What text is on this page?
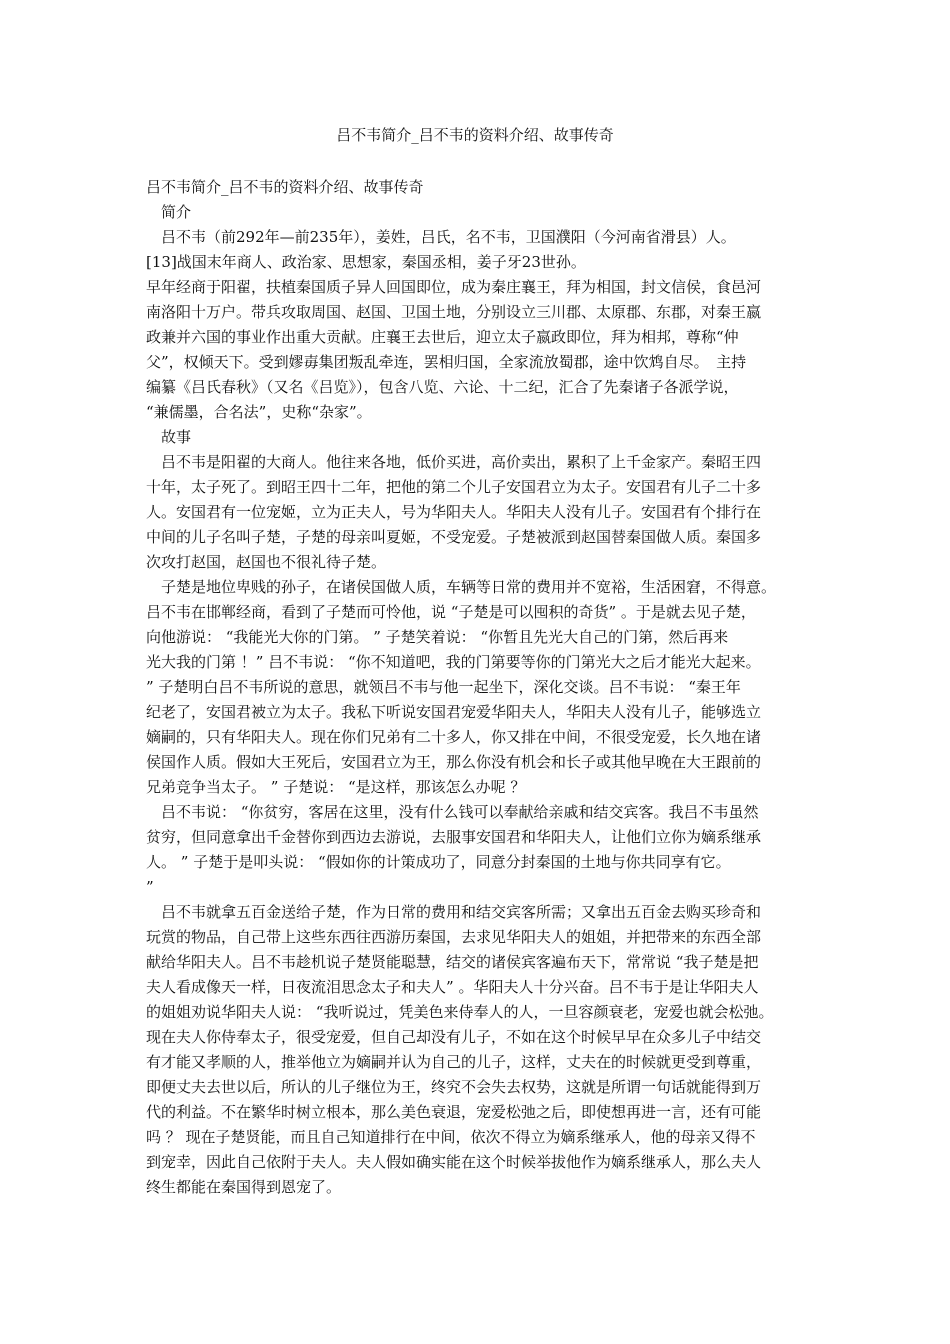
吕不韦简介_吕不韦的资料介绍、故事传奇
吕不韦简介_吕不韦的资料介绍、故事传奇
　简介
　吕不韦（前292年—前235年），姜姓，吕氏，名不韦，卫国濮阳（今河南省滑县）人。
[13]战国末年商人、政治家、思想家，秦国丞相，姜子牙23世孙。
早年经商于阳翟，扶植秦国质子异人回国即位，成为秦庄襄王，拜为相国，封文信侯，食邑河
南洛阳十万户。带兵攻取周国、赵国、卫国土地，分别设立三川郡、太原郡、东郡，对秦王嬴
政兼并六国的事业作出重大贡献。庄襄王去世后，迎立太子嬴政即位，拜为相邦，尊称“仲
父”，权倾天下。受到嫪毐集团叛乱牵连，罢相归国，全家流放蜀郡，途中饮鸩自尽。　主持
编纂《吕氏春秋》（又名《吕览》），包含八览、六论、十二纪，汇合了先秦诸子各派学说，
“兼儒墨，合名法”，史称“杂家”。
　故事
　吕不韦是阳翟的大商人。他往来各地，低价买进，高价卖出，累积了上千金家产。秦昭王四
十年，太子死了。到昭王四十二年，把他的第二个儿子安国君立为太子。安国君有儿子二十多
人。安国君有一位宠姬，立为正夫人，号为华阳夫人。华阳夫人没有儿子。安国君有个排行在
中间的儿子名叫子楚，子楚的母亲叫夏姬，不受宠爱。子楚被派到赵国替秦国做人质。秦国多
次攻打赵国，赵国也不很礼待子楚。
　子楚是地位卑贱的孙子，在诸侯国做人质，车辆等日常的费用并不宽裕，生活困窘，不得意。
吕不韦在邯郸经商，看到了子楚而可怜他，说 “子楚是可以囤积的奇货” 。于是就去见子楚，
向他游说： “我能光大你的门第。 ” 子楚笑着说： “你暂且先光大自己的门第，然后再来
光大我的门第 ！” 吕不韦说： “你不知道吧，我的门第要等你的门第光大之后才能光大起来。
” 子楚明白吕不韦所说的意思，就领吕不韦与他一起坐下，深化交谈。吕不韦说： “秦王年
纪老了，安国君被立为太子。我私下听说安国君宠爱华阳夫人，华阳夫人没有儿子，能够选立
嫡嗣的，只有华阳夫人。现在你们兄弟有二十多人，你又排在中间，不很受宠爱，长久地在诸
侯国作人质。假如大王死后，安国君立为王，那么你没有机会和长子或其他早晚在大王跟前的
兄弟竞争当太子。 ” 子楚说： “是这样，那该怎么办呢 ？
　吕不韦说： “你贫穷，客居在这里，没有什么钱可以奉献给亲戚和结交宾客。我吕不韦虽然
贫穷，但同意拿出千金替你到西边去游说，去服事安国君和华阳夫人，让他们立你为嫡系继承
人。 ” 子楚于是叩头说： “假如你的计策成功了，同意分封秦国的土地与你共同享有它。
”
　吕不韦就拿五百金送给子楚，作为日常的费用和结交宾客所需；又拿出五百金去购买珍奇和
玩赏的物品，自己带上这些东西往西游历秦国，去求见华阳夫人的姐姐，并把带来的东西全部
献给华阳夫人。吕不韦趁机说子楚贤能聪慧，结交的诸侯宾客遍布天下，常常说 “我子楚是把
夫人看成像天一样，日夜流泪思念太子和夫人” 。华阳夫人十分兴奋。吕不韦于是让华阳夫人
的姐姐劝说华阳夫人说： “我听说过，凭美色来侍奉人的人，一旦容颜衰老，宠爱也就会松弛。
现在夫人你侍奉太子，很受宠爱，但自己却没有儿子，不如在这个时候早早在众多儿子中结交
有才能又孝顺的人，推举他立为嫡嗣并认为自己的儿子，这样，丈夫在的时候就更受到尊重，
即便丈夫去世以后，所认的儿子继位为王，终究不会失去权势，这就是所谓一句话就能得到万
代的利益。不在繁华时树立根本，那么美色衰退，宠爱松弛之后，即使想再进一言，还有可能
吗 ？ 现在子楚贤能，而且自己知道排行在中间，依次不得立为嫡系继承人，他的母亲又得不
到宠幸，因此自己依附于夫人。夫人假如确实能在这个时候举拔他作为嫡系继承人，那么夫人
终生都能在秦国得到恩宠了。
